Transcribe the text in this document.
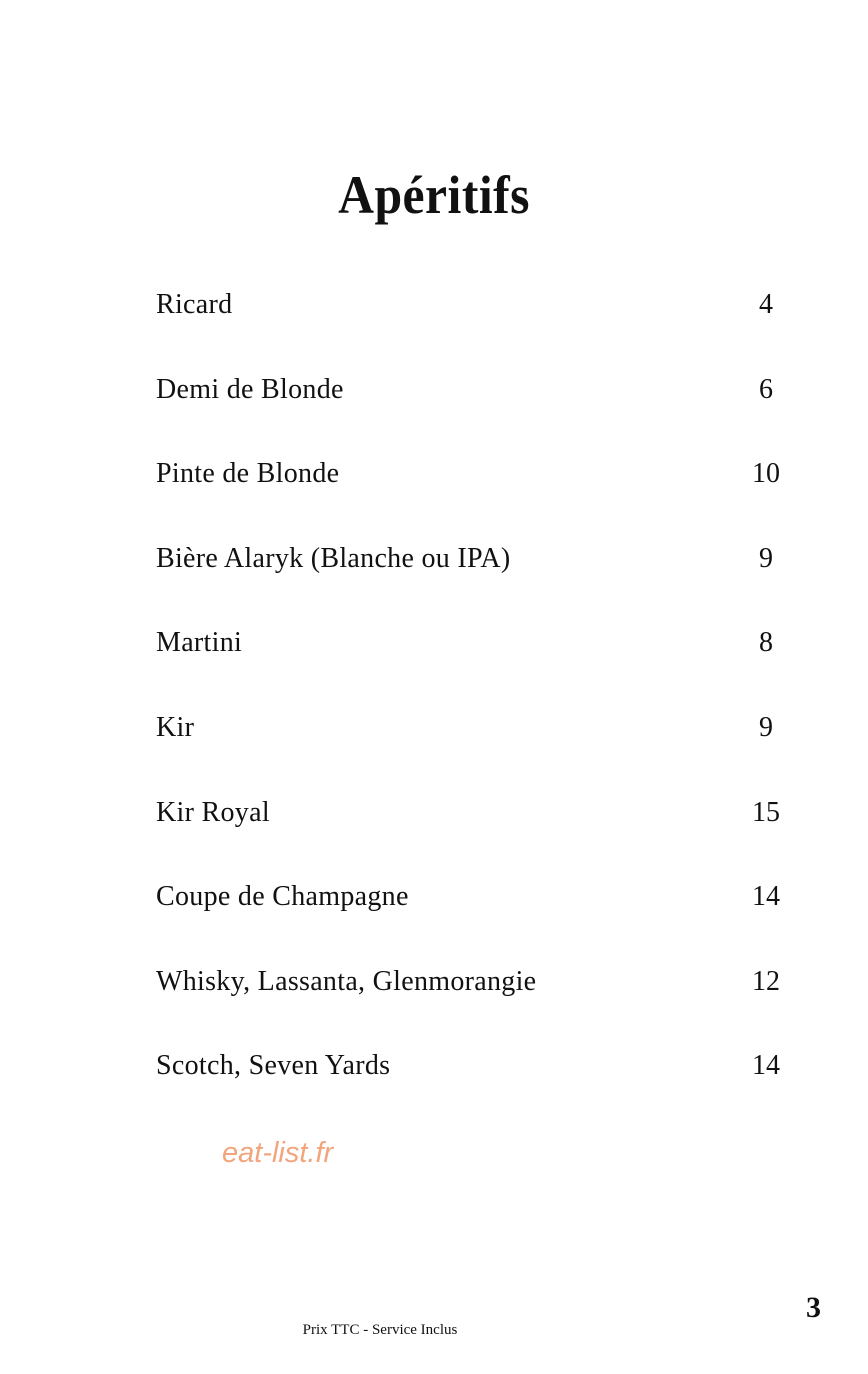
Apéritifs
Ricard	4
Demi de Blonde	6
Pinte de Blonde	10
Bière Alaryk (Blanche ou IPA)	9
Martini	8
Kir	9
Kir Royal	15
Coupe de Champagne	14
Whisky, Lassanta, Glenmorangie	12
Scotch, Seven Yards	14
eat-list.fr
3
Prix TTC - Service Inclus
